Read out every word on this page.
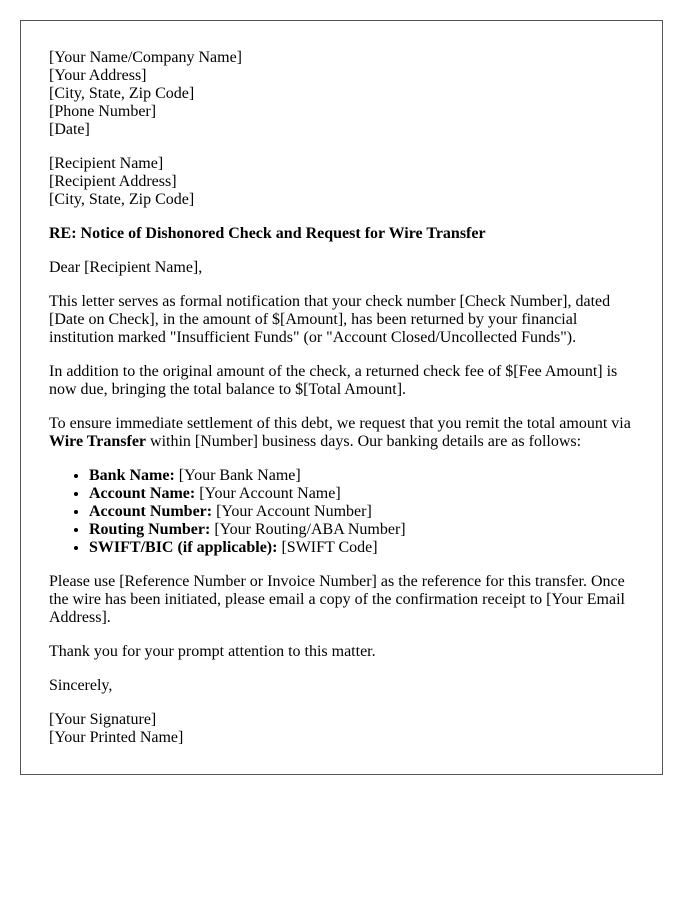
[Your Name/Company Name]
[Your Address]
[City, State, Zip Code]
[Phone Number]
[Date]

[Recipient Name]
[Recipient Address]
[City, State, Zip Code]

RE: Notice of Dishonored Check and Request for Wire Transfer

Dear [Recipient Name],

This letter serves as formal notification that your check number [Check Number], dated [Date on Check], in the amount of $[Amount], has been returned by your financial institution marked "Insufficient Funds" (or "Account Closed/Uncollected Funds").

In addition to the original amount of the check, a returned check fee of $[Fee Amount] is now due, bringing the total balance to $[Total Amount].

To ensure immediate settlement of this debt, we request that you remit the total amount via Wire Transfer within [Number] business days. Our banking details are as follows:

• Bank Name: [Your Bank Name]
• Account Name: [Your Account Name]
• Account Number: [Your Account Number]
• Routing Number: [Your Routing/ABA Number]
• SWIFT/BIC (if applicable): [SWIFT Code]

Please use [Reference Number or Invoice Number] as the reference for this transfer. Once the wire has been initiated, please email a copy of the confirmation receipt to [Your Email Address].

Thank you for your prompt attention to this matter.

Sincerely,

[Your Signature]
[Your Printed Name]
